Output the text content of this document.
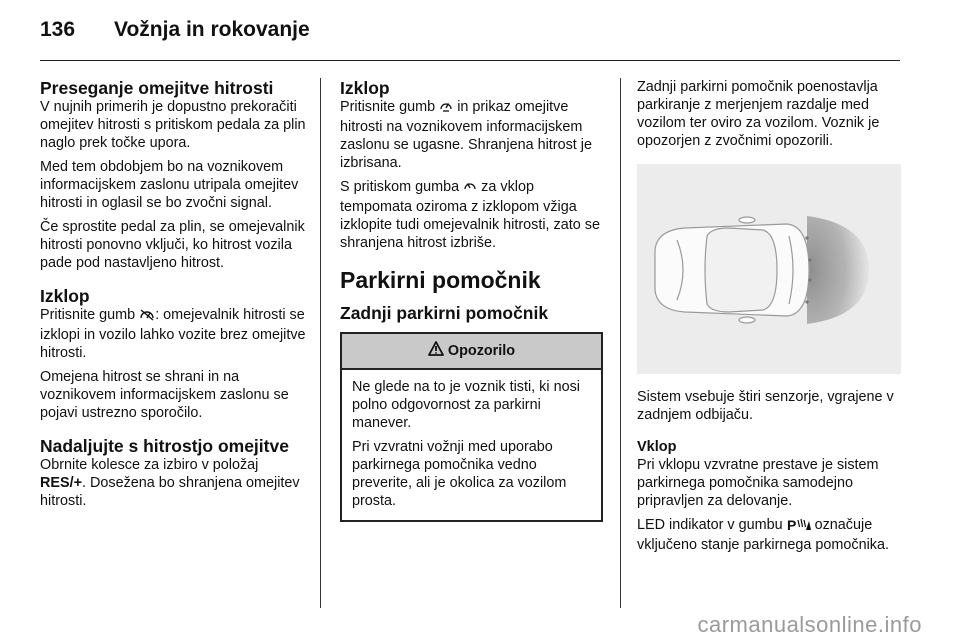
136	Vožnja in rokovanje
Preseganje omejitve hitrosti
V nujnih primerih je dopustno prekoračiti omejitev hitrosti s pritiskom pedala za plin naglo prek točke upora.
Med tem obdobjem bo na voznikovem informacijskem zaslonu utripala omejitev hitrosti in oglasil se bo zvočni signal.
Če sprostite pedal za plin, se omejevalnik hitrosti ponovno vključi, ko hitrost vozila pade pod nastavljeno hitrost.
Izklop
Pritisnite gumb : omejevalnik hitrosti se izklopi in vozilo lahko vozite brez omejitve hitrosti.
Omejena hitrost se shrani in na voznikovem informacijskem zaslonu se pojavi ustrezno sporočilo.
Nadaljujte s hitrostjo omejitve
Obrnite kolesce za izbiro v položaj RES/+. Dosežena bo shranjena omejitev hitrosti.
Izklop
Pritisnite gumb in prikaz omejitve hitrosti na voznikovem informacijskem zaslonu se ugasne. Shranjena hitrost je izbrisana.
S pritiskom gumba za vklop tempomata oziroma z izklopom vžiga izklopite tudi omejevalnik hitrosti, zato se shranjena hitrost izbriše.
Parkirni pomočnik
Zadnji parkirni pomočnik
Opozorilo
Ne glede na to je voznik tisti, ki nosi polno odgovornost za parkirni manever.
Pri vzvratni vožnji med uporabo parkirnega pomočnika vedno preverite, ali je okolica za vozilom prosta.
Zadnji parkirni pomočnik poenostavlja parkiranje z merjenjem razdalje med vozilom ter oviro za vozilom. Voznik je opozorjen z zvočnimi opozorili.
Sistem vsebuje štiri senzorje, vgrajene v zadnjem odbijaču.
Vklop
Pri vklopu vzvratne prestave je sistem parkirnega pomočnika samodejno pripravljen za delovanje.
LED indikator v gumbu P označuje vključeno stanje parkirnega pomočnika.
carmanualsonline.info
